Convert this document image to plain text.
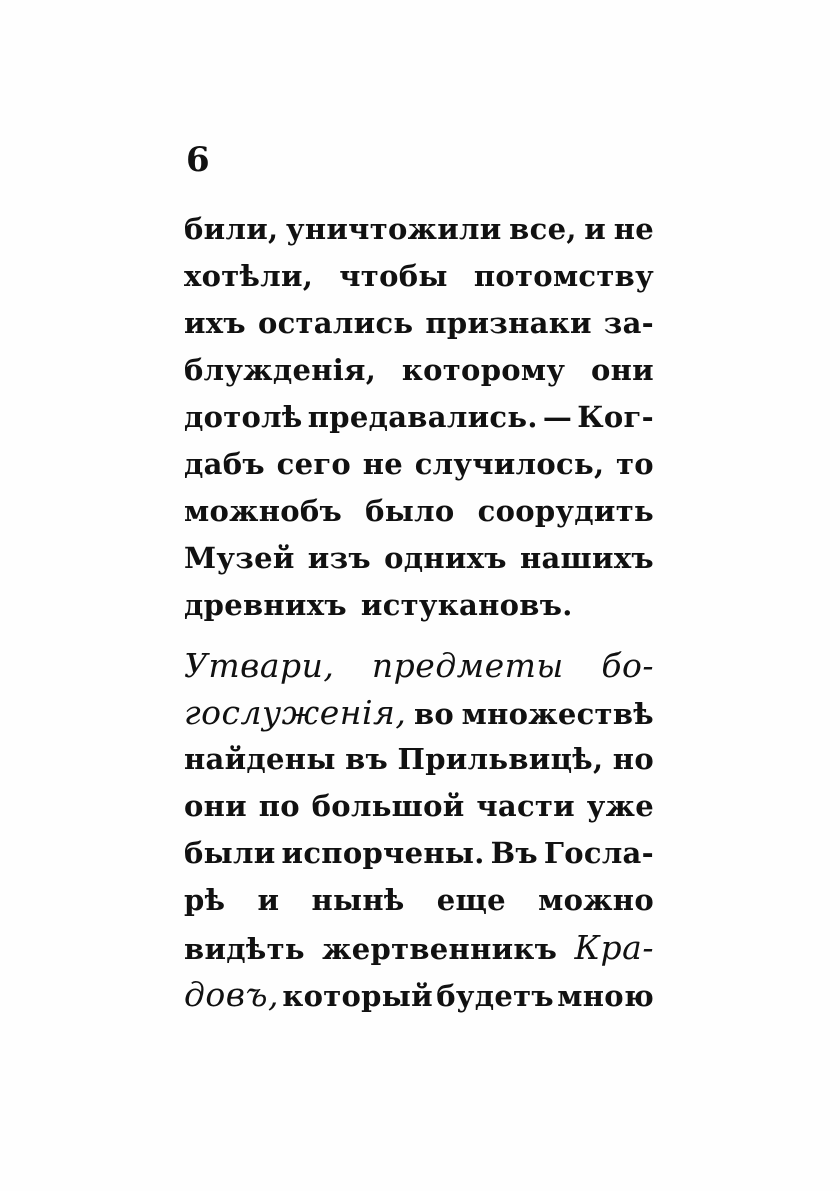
6
били, уничтожили все, и не
хотѣли, чтобы потомству
ихъ остались признаки за-
блужденія, которому они
дотолѣ предавались. — Ког-
дабъ сего не случилось, то
можнобъ было соорудить
Музей изъ однихъ нашихъ
древнихъ истукановъ.
Утвари, предметы бо-
гослуженія, во множествѣ
найдены въ Прильвицѣ, но
они по большой части уже
были испорчены. Въ Госла-
рѣ и нынѣ еще можно
видѣть жертвенникъ Кра-
довъ, который будетъ мною
